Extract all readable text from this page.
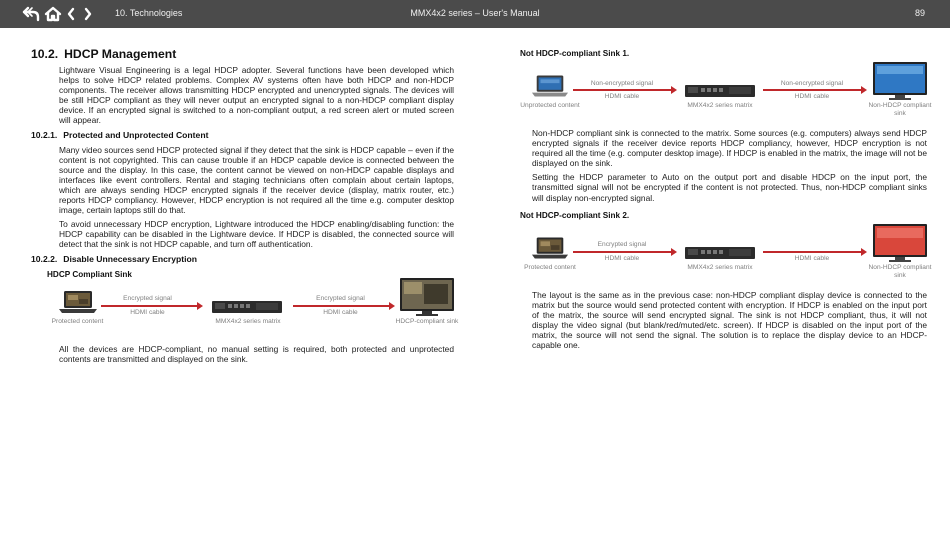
10. Technologies	MMX4x2 series – User's Manual	89
10.2. HDCP Management

Lightware Visual Engineering is a legal HDCP adopter. Several functions have been developed which helps to solve HDCP related problems. Complex AV systems often have both HDCP and non-HDCP components. The receiver allows transmitting HDCP encrypted and unencrypted signals. The devices will be still HDCP compliant as they will never output an encrypted signal to a non-HDCP compliant display device. If an encrypted signal is switched to a non-compliant output, a red screen alert or muted screen will appear.

10.2.1. Protected and Unprotected Content

Many video sources send HDCP protected signal if they detect that the sink is HDCP capable – even if the content is not copyrighted. This can cause trouble if an HDCP capable device is connected between the source and the display. In this case, the content cannot be viewed on non-HDCP capable displays and interfaces like event controllers. Rental and staging technicians often complain about certain laptops, which are always sending HDCP encrypted signals if the receiver device (display, matrix router, etc.) reports HDCP compliancy. However, HDCP encryption is not required all the time e.g. computer desktop image, certain laptops still do that.

To avoid unnecessary HDCP encryption, Lightware introduced the HDCP enabling/disabling function: the HDCP capability can be disabled in the Lightware device. If HDCP is disabled, the connected source will detect that the sink is not HDCP capable, and turn off authentication.

10.2.2. Disable Unnecessary Encryption
HDCP Compliant Sink
Protected content
Encrypted signal
HDMI cable
MMX4x2 series matrix
Encrypted signal
HDMI cable
HDCP-compliant sink

All the devices are HDCP-compliant, no manual setting is required, both protected and unprotected contents are transmitted and displayed on the sink.

Not HDCP-compliant Sink 1.
Unprotected content
Non-encrypted signal
HDMI cable
MMX4x2 series matrix
Non-encrypted signal
HDMI cable
Non-HDCP compliant sink

Non-HDCP compliant sink is connected to the matrix. Some sources (e.g. computers) always send HDCP encrypted signals if the receiver device reports HDCP compliancy, however, HDCP encryption is not required all the time (e.g. computer desktop image). If HDCP is enabled in the matrix, the image will not be displayed on the sink.

Setting the HDCP parameter to Auto on the output port and disable HDCP on the input port, the transmitted signal will not be encrypted if the content is not protected. Thus, non-HDCP compliant sinks will display non-encrypted signal.

Not HDCP-compliant Sink 2.
Protected content
Encrypted signal
HDMI cable
MMX4x2 series matrix
HDMI cable
Non-HDCP compliant sink

The layout is the same as in the previous case: non-HDCP compliant display device is connected to the matrix but the source would send protected content with encryption. If HDCP is enabled on the input port of the matrix, the source will send encrypted signal. The sink is not HDCP compliant, thus, it will not display the video signal (but blank/red/muted/etc. screen). If HDCP is disabled on the input port of the matrix, the source will not send the signal. The solution is to replace the display device to an HDCP-capable one.
